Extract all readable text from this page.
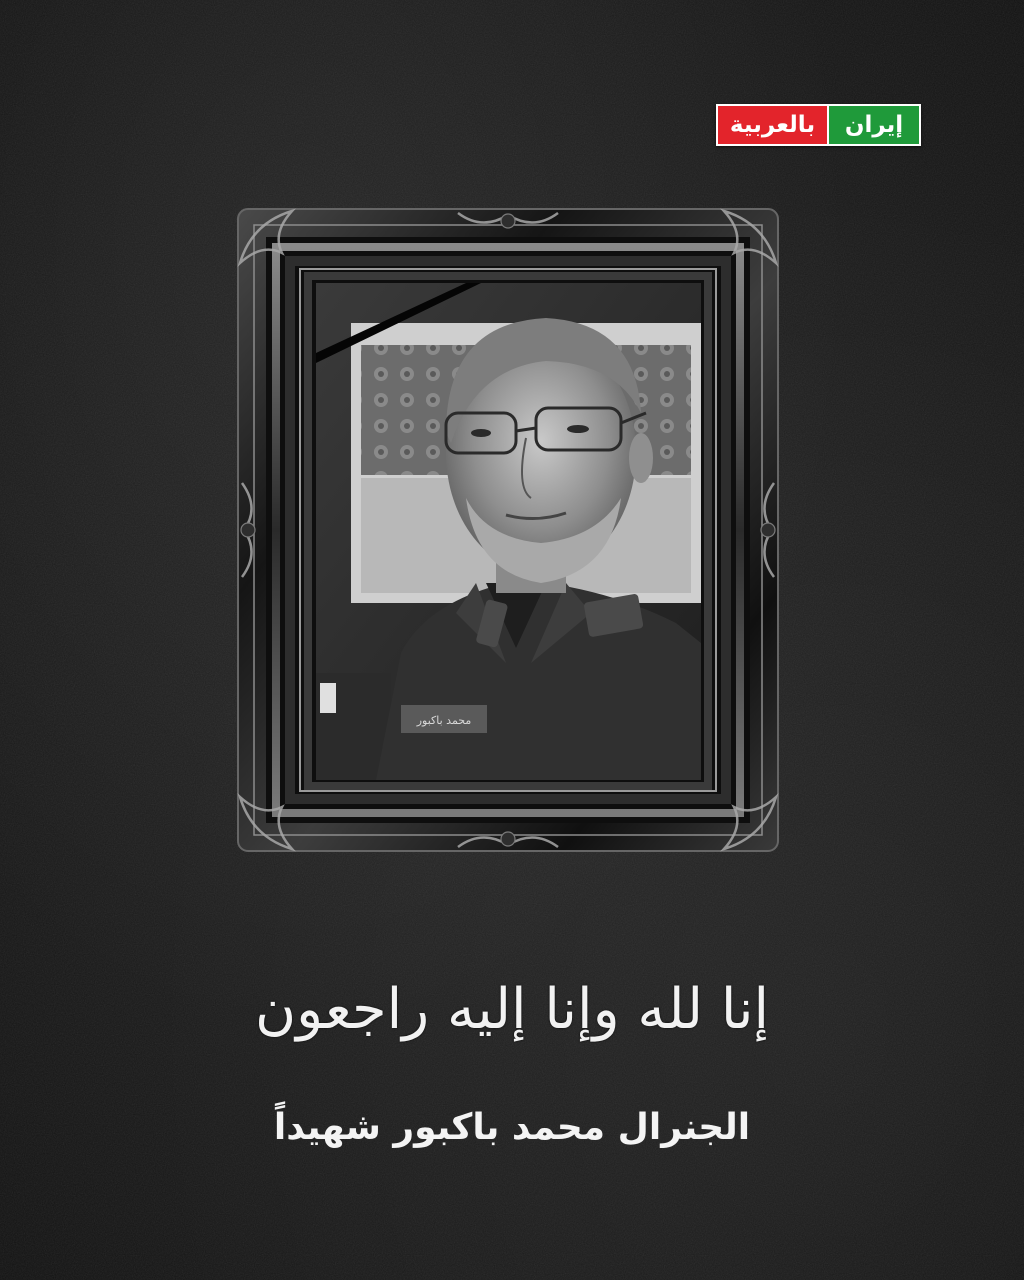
بالعربية إيران
محمد باكبور
إنا لله وإنا إليه راجعون
الجنرال محمد باكبور شهيداً
